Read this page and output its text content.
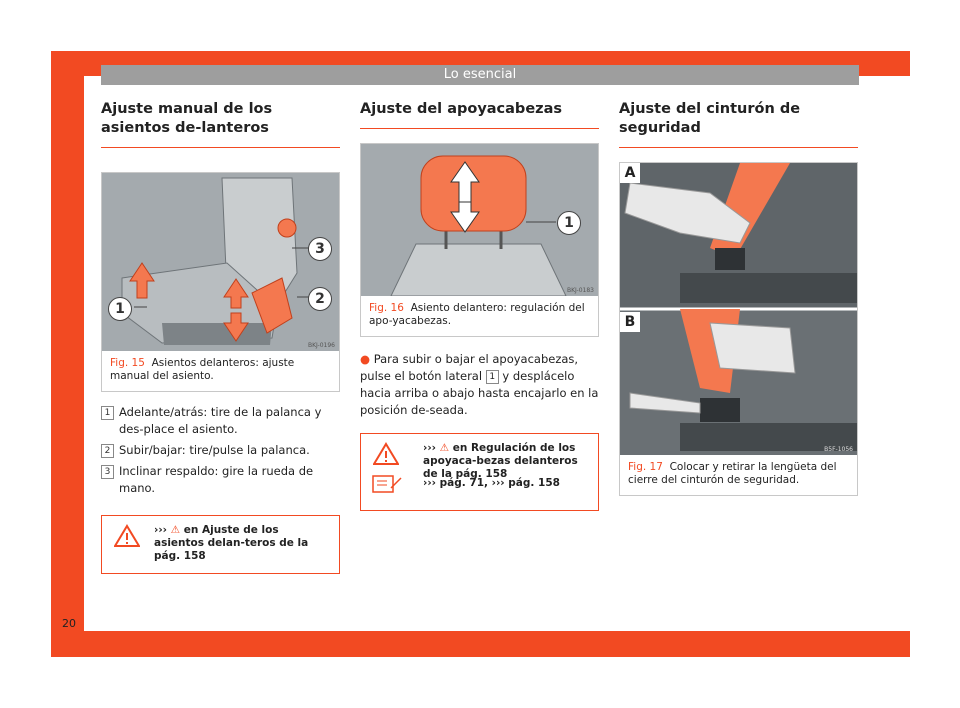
Lo esencial
20
Ajuste manual de los asientos de-lanteros
1
2
3
BKJ-0196
Fig. 15 Asientos delanteros: ajuste manual del asiento.
1 Adelante/atrás: tire de la palanca y des-place el asiento.
2 Subir/bajar: tire/pulse la palanca.
3 Inclinar respaldo: gire la rueda de mano.
››› ⚠ en Ajuste de los asientos delan-teros de la pág. 158
Ajuste del apoyacabezas
1
BKJ-0183
Fig. 16 Asiento delantero: regulación del apo-yacabezas.
● Para subir o bajar el apoyacabezas, pulse el botón lateral 1 y desplácelo hacia arriba o abajo hasta encajarlo en la posición de-seada.
››› ⚠ en Regulación de los apoyaca-bezas delanteros de la pág. 158
››› pág. 71, ››› pág. 158
Ajuste del cinturón de seguridad
A
B
B5F-1056
Fig. 17 Colocar y retirar la lengüeta del cierre del cinturón de seguridad.
